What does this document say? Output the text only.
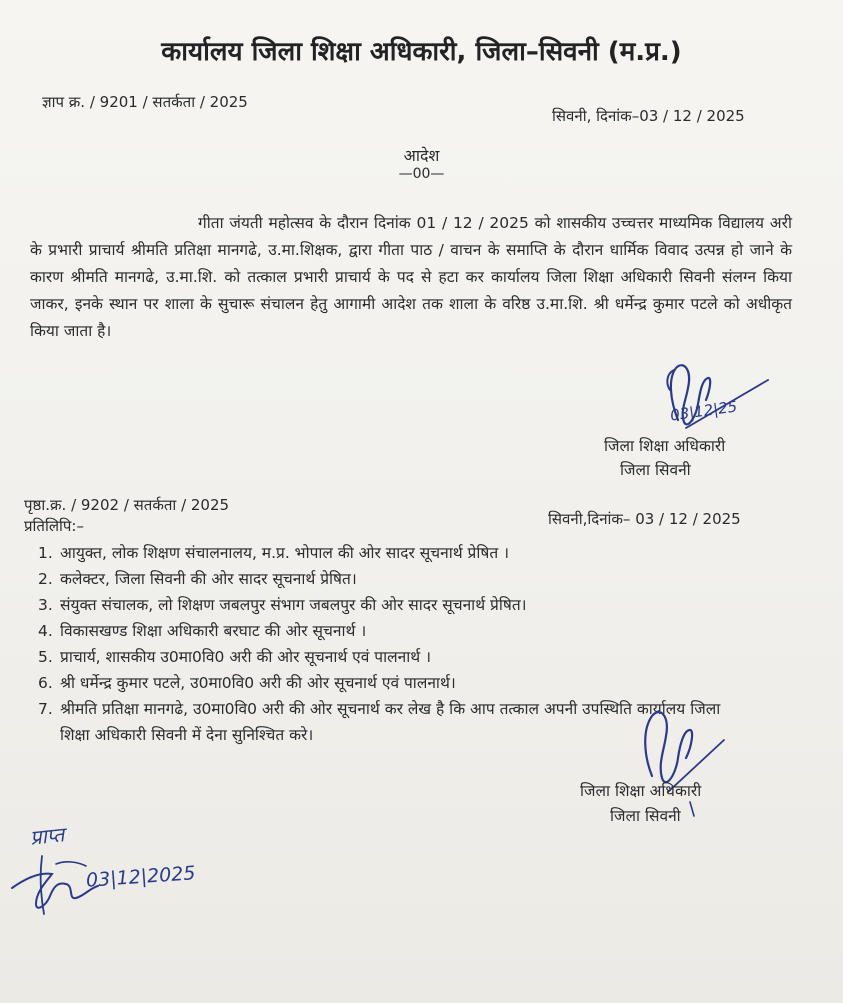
कार्यालय जिला शिक्षा अधिकारी, जिला–सिवनी (म.प्र.)
ज्ञाप क्र. / 9201 / सतर्कता / 2025
सिवनी, दिनांक–03 / 12 / 2025
आदेश
—00—
गीता जंयती महोत्सव के दौरान दिनांक 01 / 12 / 2025 को शासकीय उच्चत्तर माध्यमिक विद्यालय अरी के प्रभारी प्राचार्य श्रीमति प्रतिक्षा मानगढे, उ.मा.शिक्षक, द्वारा गीता पाठ / वाचन के समाप्ति के दौरान धार्मिक विवाद उत्पन्न हो जाने के कारण श्रीमति मानगढे, उ.मा.शि. को तत्काल प्रभारी प्राचार्य के पद से हटा कर कार्यालय जिला शिक्षा अधिकारी सिवनी संलग्न किया जाकर, इनके स्थान पर शाला के सुचारू संचालन हेतु आगामी आदेश तक शाला के वरिष्ठ उ.मा.शि. श्री धर्मेन्द्र कुमार पटले को अधीकृत किया जाता है।
03|12|25
जिला शिक्षा अधिकारी
जिला सिवनी
पृष्ठा.क्र. / 9202 / सतर्कता / 2025
सिवनी,दिनांक– 03 / 12 / 2025
प्रतिलिपि:–
1. आयुक्त, लोक शिक्षण संचालनालय, म.प्र. भोपाल की ओर सादर सूचनार्थ प्रेषित ।
2. कलेक्टर, जिला सिवनी की ओर सादर सूचनार्थ प्रेषित।
3. संयुक्त संचालक, लो शिक्षण जबलपुर संभाग जबलपुर की ओर सादर सूचनार्थ प्रेषित।
4. विकासखण्ड शिक्षा अधिकारी बरघाट की ओर सूचनार्थ ।
5. प्राचार्य, शासकीय उ0मा0वि0 अरी की ओर सूचनार्थ एवं पालनार्थ ।
6. श्री धर्मेन्द्र कुमार पटले, उ0मा0वि0 अरी की ओर सूचनार्थ एवं पालनार्थ।
7. श्रीमति प्रतिक्षा मानगढे, उ0मा0वि0 अरी की ओर सूचनार्थ कर लेख है कि आप तत्काल अपनी उपस्थिति कार्यालय जिला शिक्षा अधिकारी सिवनी में देना सुनिश्चित करे।
जिला शिक्षा अधिकारी
जिला सिवनी
प्राप्त
03|12|2025
